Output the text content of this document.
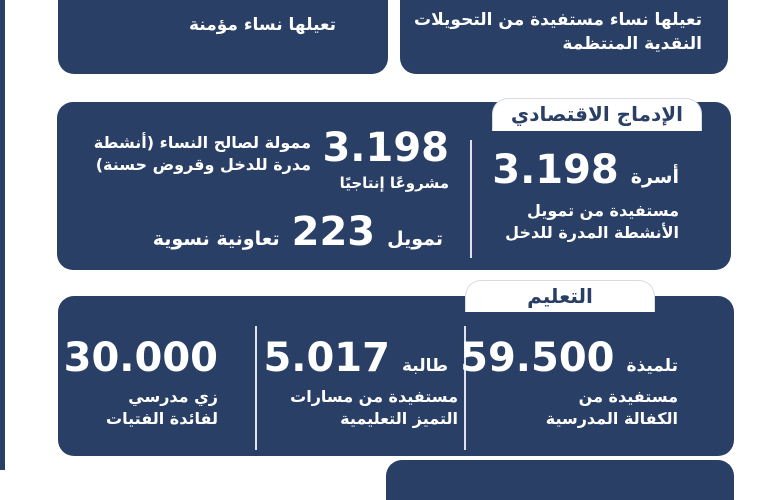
تعيلها نساء مستفيدة من التحويلات النقدية المنتظمة
تعيلها نساء مؤمنة
أسرة
3.198
مستفيدة من تمويل الأنشطة المدرة للدخل
3.198
مشروعًا إنتاجيًا
ممولة لصالح النساء (أنشطة مدرة للدخل وقروض حسنة)
تمويل
223
تعاونية نسوية
الإدماج الاقتصادي
تلميذة
59.500
مستفيدة من الكفالة المدرسية
طالبة
5.017
مستفيدة من مسارات التميز التعليمية
30.000
زي مدرسي لفائدة الفتيات
التعليم
